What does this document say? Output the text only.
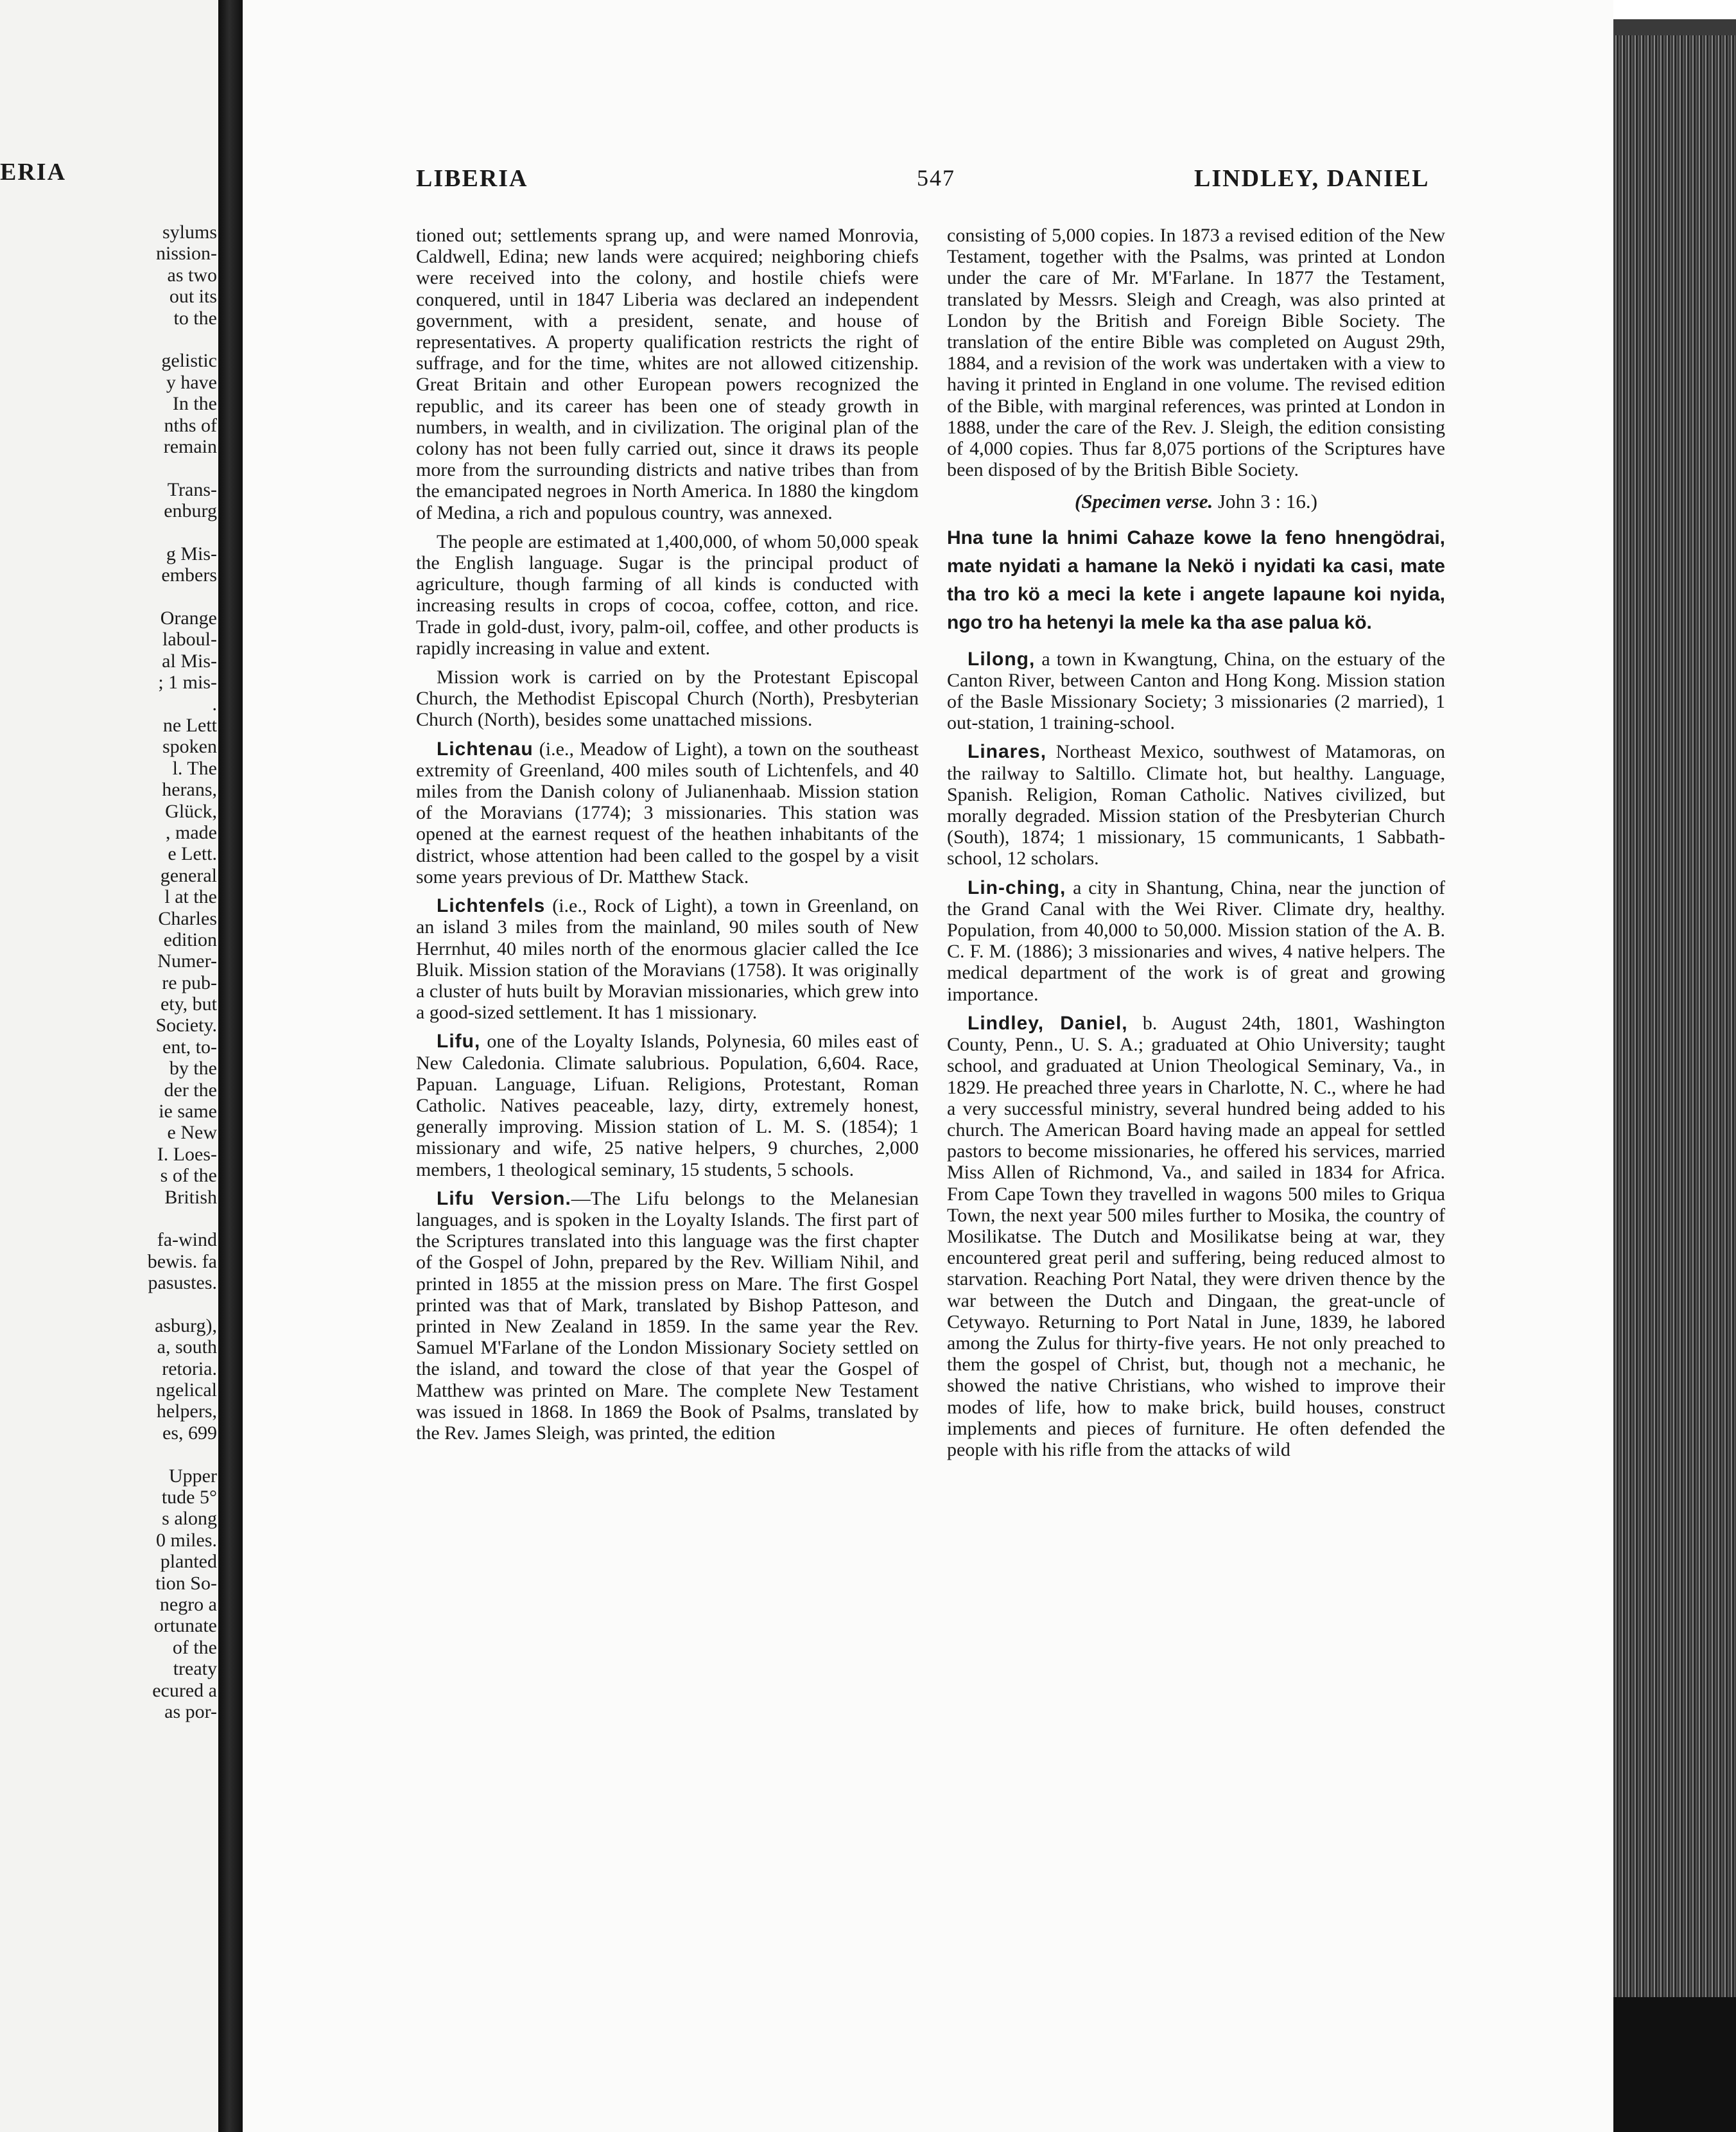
ERIA
sylums
nission-
as two
out its
to the
gelistic
y have
In the
nths of
remain
Trans-
enburg
g Mis-
embers
Orange
laboul-
al Mis-
; 1 mis-
.
ne Lett
spoken
l. The
herans,
Glück,
, made
e Lett.
general
l at the
Charles
edition
Numer-
re pub-
ety, but
Society.
ent, to-
by the
der the
ie same
e New
I. Loes-
s of the
British
fa-wind
bewis. fa
pasustes.
asburg),
a, south
retoria.
ngelical
helpers,
es, 699
Upper
tude 5°
s along
0 miles.
planted
tion So-
negro a
ortunate
of the
treaty
ecured a
as por-
LIBERIA	547	LINDLEY, DANIEL

tioned out; settlements sprang up, and were named Monrovia, Caldwell, Edina; new lands were acquired; neighboring chiefs were received into the colony, and hostile chiefs were conquered, until in 1847 Liberia was declared an independent government, with a president, senate, and house of representatives. A property qualification restricts the right of suffrage, and for the time, whites are not allowed citizenship. Great Britain and other European powers recognized the republic, and its career has been one of steady growth in numbers, in wealth, and in civilization. The original plan of the colony has not been fully carried out, since it draws its people more from the surrounding districts and native tribes than from the emancipated negroes in North America. In 1880 the kingdom of Medina, a rich and populous country, was annexed.

The people are estimated at 1,400,000, of whom 50,000 speak the English language. Sugar is the principal product of agriculture, though farming of all kinds is conducted with increasing results in crops of cocoa, coffee, cotton, and rice. Trade in gold-dust, ivory, palm-oil, coffee, and other products is rapidly increasing in value and extent.

Mission work is carried on by the Protestant Episcopal Church, the Methodist Episcopal Church (North), Presbyterian Church (North), besides some unattached missions.

Lichtenau (i.e., Meadow of Light), a town on the southeast extremity of Greenland, 400 miles south of Lichtenfels, and 40 miles from the Danish colony of Julianenhaab. Mission station of the Moravians (1774); 3 missionaries. This station was opened at the earnest request of the heathen inhabitants of the district, whose attention had been called to the gospel by a visit some years previous of Dr. Matthew Stack.

Lichtenfels (i.e., Rock of Light), a town in Greenland, on an island 3 miles from the mainland, 90 miles south of New Herrnhut, 40 miles north of the enormous glacier called the Ice Bluik. Mission station of the Moravians (1758). It was originally a cluster of huts built by Moravian missionaries, which grew into a good-sized settlement. It has 1 missionary.

Lifu, one of the Loyalty Islands, Polynesia, 60 miles east of New Caledonia. Climate salubrious. Population, 6,604. Race, Papuan. Language, Lifuan. Religions, Protestant, Roman Catholic. Natives peaceable, lazy, dirty, extremely honest, generally improving. Mission station of L. M. S. (1854); 1 missionary and wife, 25 native helpers, 9 churches, 2,000 members, 1 theological seminary, 15 students, 5 schools.

Lifu Version.—The Lifu belongs to the Melanesian languages, and is spoken in the Loyalty Islands. The first part of the Scriptures translated into this language was the first chapter of the Gospel of John, prepared by the Rev. William Nihil, and printed in 1855 at the mission press on Mare. The first Gospel printed was that of Mark, translated by Bishop Patteson, and printed in New Zealand in 1859. In the same year the Rev. Samuel M'Farlane of the London Missionary Society settled on the island, and toward the close of that year the Gospel of Matthew was printed on Mare. The complete New Testament was issued in 1868. In 1869 the Book of Psalms, translated by the Rev. James Sleigh, was printed, the edition

consisting of 5,000 copies. In 1873 a revised edition of the New Testament, together with the Psalms, was printed at London under the care of Mr. M'Farlane. In 1877 the Testament, translated by Messrs. Sleigh and Creagh, was also printed at London by the British and Foreign Bible Society. The translation of the entire Bible was completed on August 29th, 1884, and a revision of the work was undertaken with a view to having it printed in England in one volume. The revised edition of the Bible, with marginal references, was printed at London in 1888, under the care of the Rev. J. Sleigh, the edition consisting of 4,000 copies. Thus far 8,075 portions of the Scriptures have been disposed of by the British Bible Society.

(Specimen verse. John 3 : 16.)
Hna tune la hnimi Cahaze kowe la feno hnengödrai, mate nyidati a hamane la Nekö i nyidati ka casi, mate tha tro kö a meci la kete i angete lapaune koi nyida, ngo tro ha hetenyi la mele ka tha ase palua kö.

Lilong, a town in Kwangtung, China, on the estuary of the Canton River, between Canton and Hong Kong. Mission station of the Basle Missionary Society; 3 missionaries (2 married), 1 out-station, 1 training-school.

Linares, Northeast Mexico, southwest of Matamoras, on the railway to Saltillo. Climate hot, but healthy. Language, Spanish. Religion, Roman Catholic. Natives civilized, but morally degraded. Mission station of the Presbyterian Church (South), 1874; 1 missionary, 15 communicants, 1 Sabbath-school, 12 scholars.

Lin-ching, a city in Shantung, China, near the junction of the Grand Canal with the Wei River. Climate dry, healthy. Population, from 40,000 to 50,000. Mission station of the A. B. C. F. M. (1886); 3 missionaries and wives, 4 native helpers. The medical department of the work is of great and growing importance.

Lindley, Daniel, b. August 24th, 1801, Washington County, Penn., U. S. A.; graduated at Ohio University; taught school, and graduated at Union Theological Seminary, Va., in 1829. He preached three years in Charlotte, N. C., where he had a very successful ministry, several hundred being added to his church. The American Board having made an appeal for settled pastors to become missionaries, he offered his services, married Miss Allen of Richmond, Va., and sailed in 1834 for Africa. From Cape Town they travelled in wagons 500 miles to Griqua Town, the next year 500 miles further to Mosika, the country of Mosilikatse. The Dutch and Mosilikatse being at war, they encountered great peril and suffering, being reduced almost to starvation. Reaching Port Natal, they were driven thence by the war between the Dutch and Dingaan, the great-uncle of Cetywayo. Returning to Port Natal in June, 1839, he labored among the Zulus for thirty-five years. He not only preached to them the gospel of Christ, but, though not a mechanic, he showed the native Christians, who wished to improve their modes of life, how to make brick, build houses, construct implements and pieces of furniture. He often defended the people with his rifle from the attacks of wild
